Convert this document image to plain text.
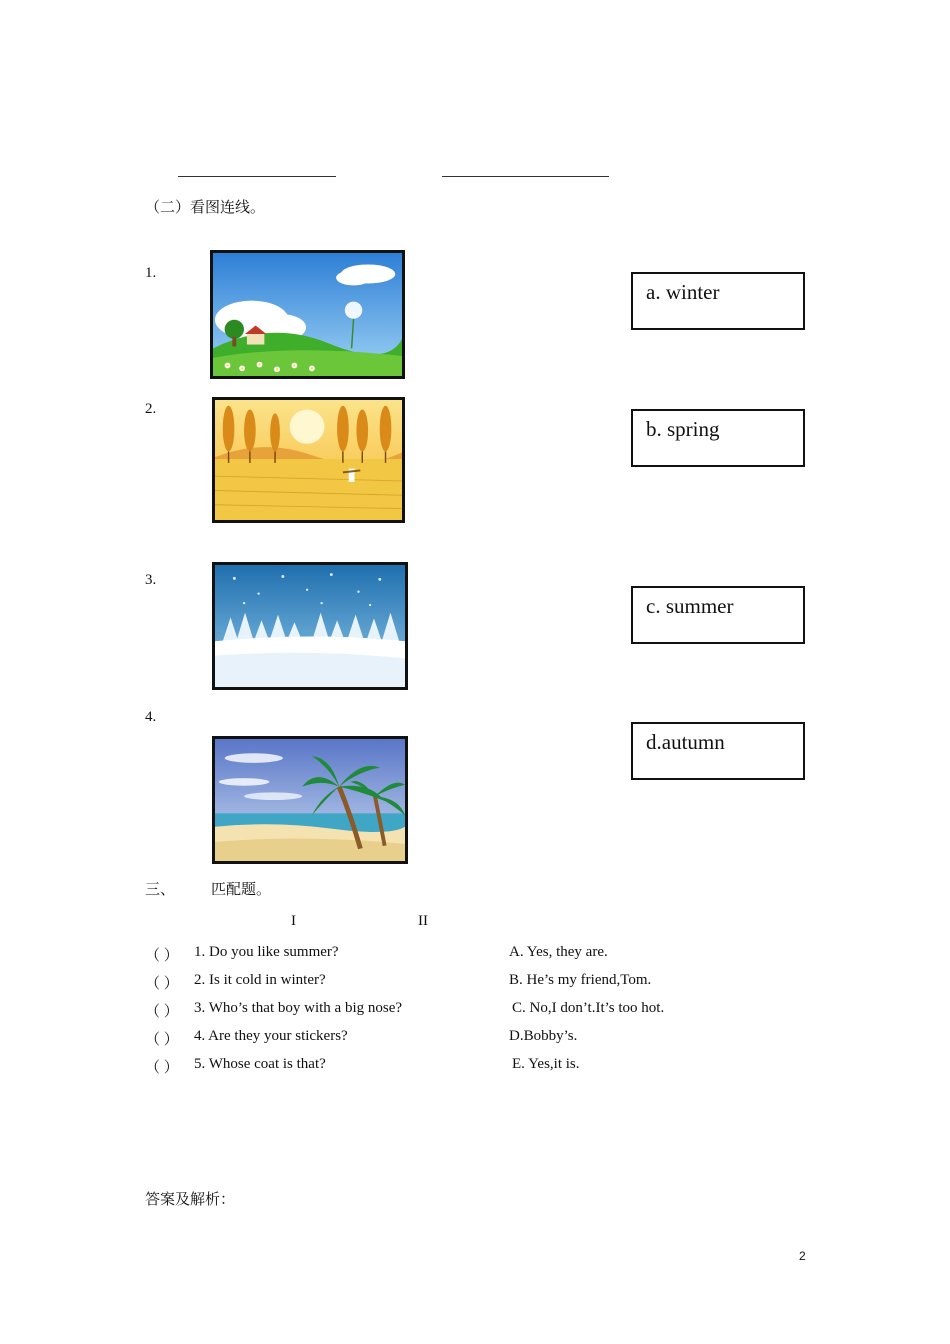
（二）看图连线。
1.
2.
3.
4.
a. winter
b. spring
c. summer
d.autumn
三、 匹配题。
I	II
（ ） 1. Do you like summer?	A. Yes, they are.
（ ） 2. Is it cold in winter?	B. He’s my friend,Tom.
（ ） 3. Who’s that boy with a big nose?	C. No,I don’t.It’s too hot.
（ ） 4. Are they your stickers?	D.Bobby’s.
（ ） 5. Whose coat is that?	E. Yes,it is.
答案及解析：
2
